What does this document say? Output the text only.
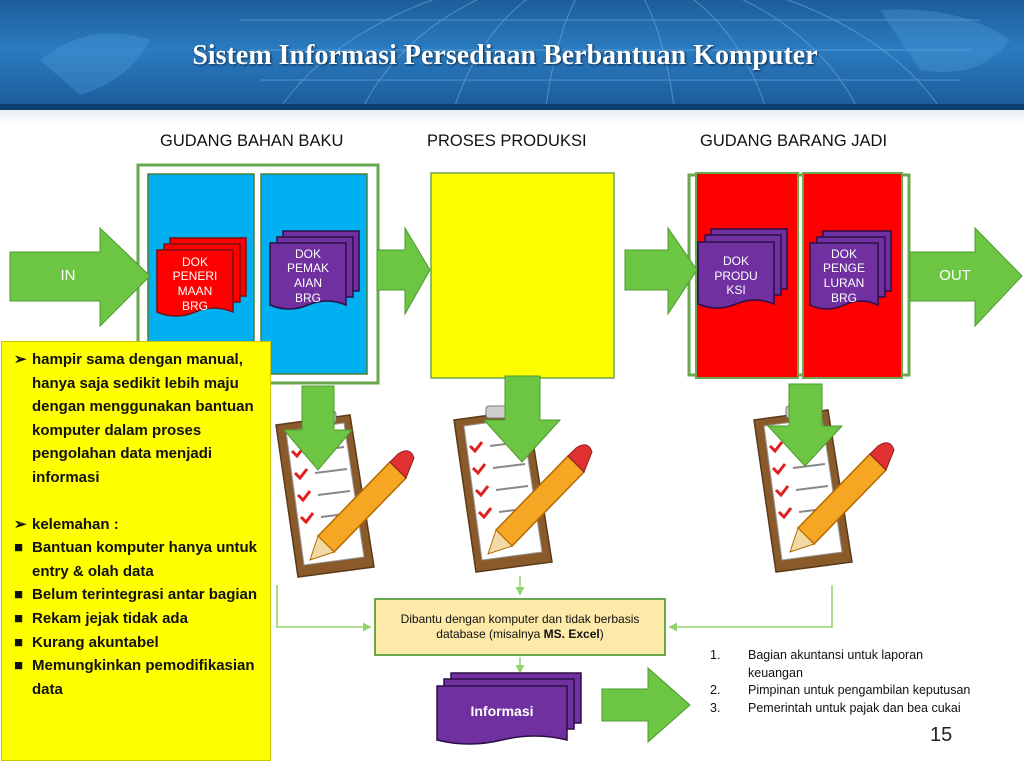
Sistem Informasi Persediaan Berbantuan Komputer
GUDANG BAHAN BAKU	PROSES PRODUKSI	GUDANG BARANG JADI
IN	OUT
DOK
PENERI
MAAN
BRG
DOK
PEMAK
AIAN
BRG
DOK
PRODU
KSI
DOK
PENGE
LURAN
BRG
➢ hampir sama dengan manual, hanya saja sedikit lebih maju dengan menggunakan bantuan komputer dalam proses pengolahan data menjadi informasi
➢ kelemahan :
■ Bantuan komputer hanya untuk entry & olah data
■ Belum terintegrasi antar bagian
■ Rekam jejak tidak ada
■ Kurang akuntabel
■ Memungkinkan pemodifikasian data
Dibantu dengan komputer dan tidak berbasis database (misalnya MS. Excel)
Informasi
1. Bagian akuntansi untuk laporan keuangan
2. Pimpinan untuk pengambilan keputusan
3. Pemerintah untuk pajak dan bea cukai
15
